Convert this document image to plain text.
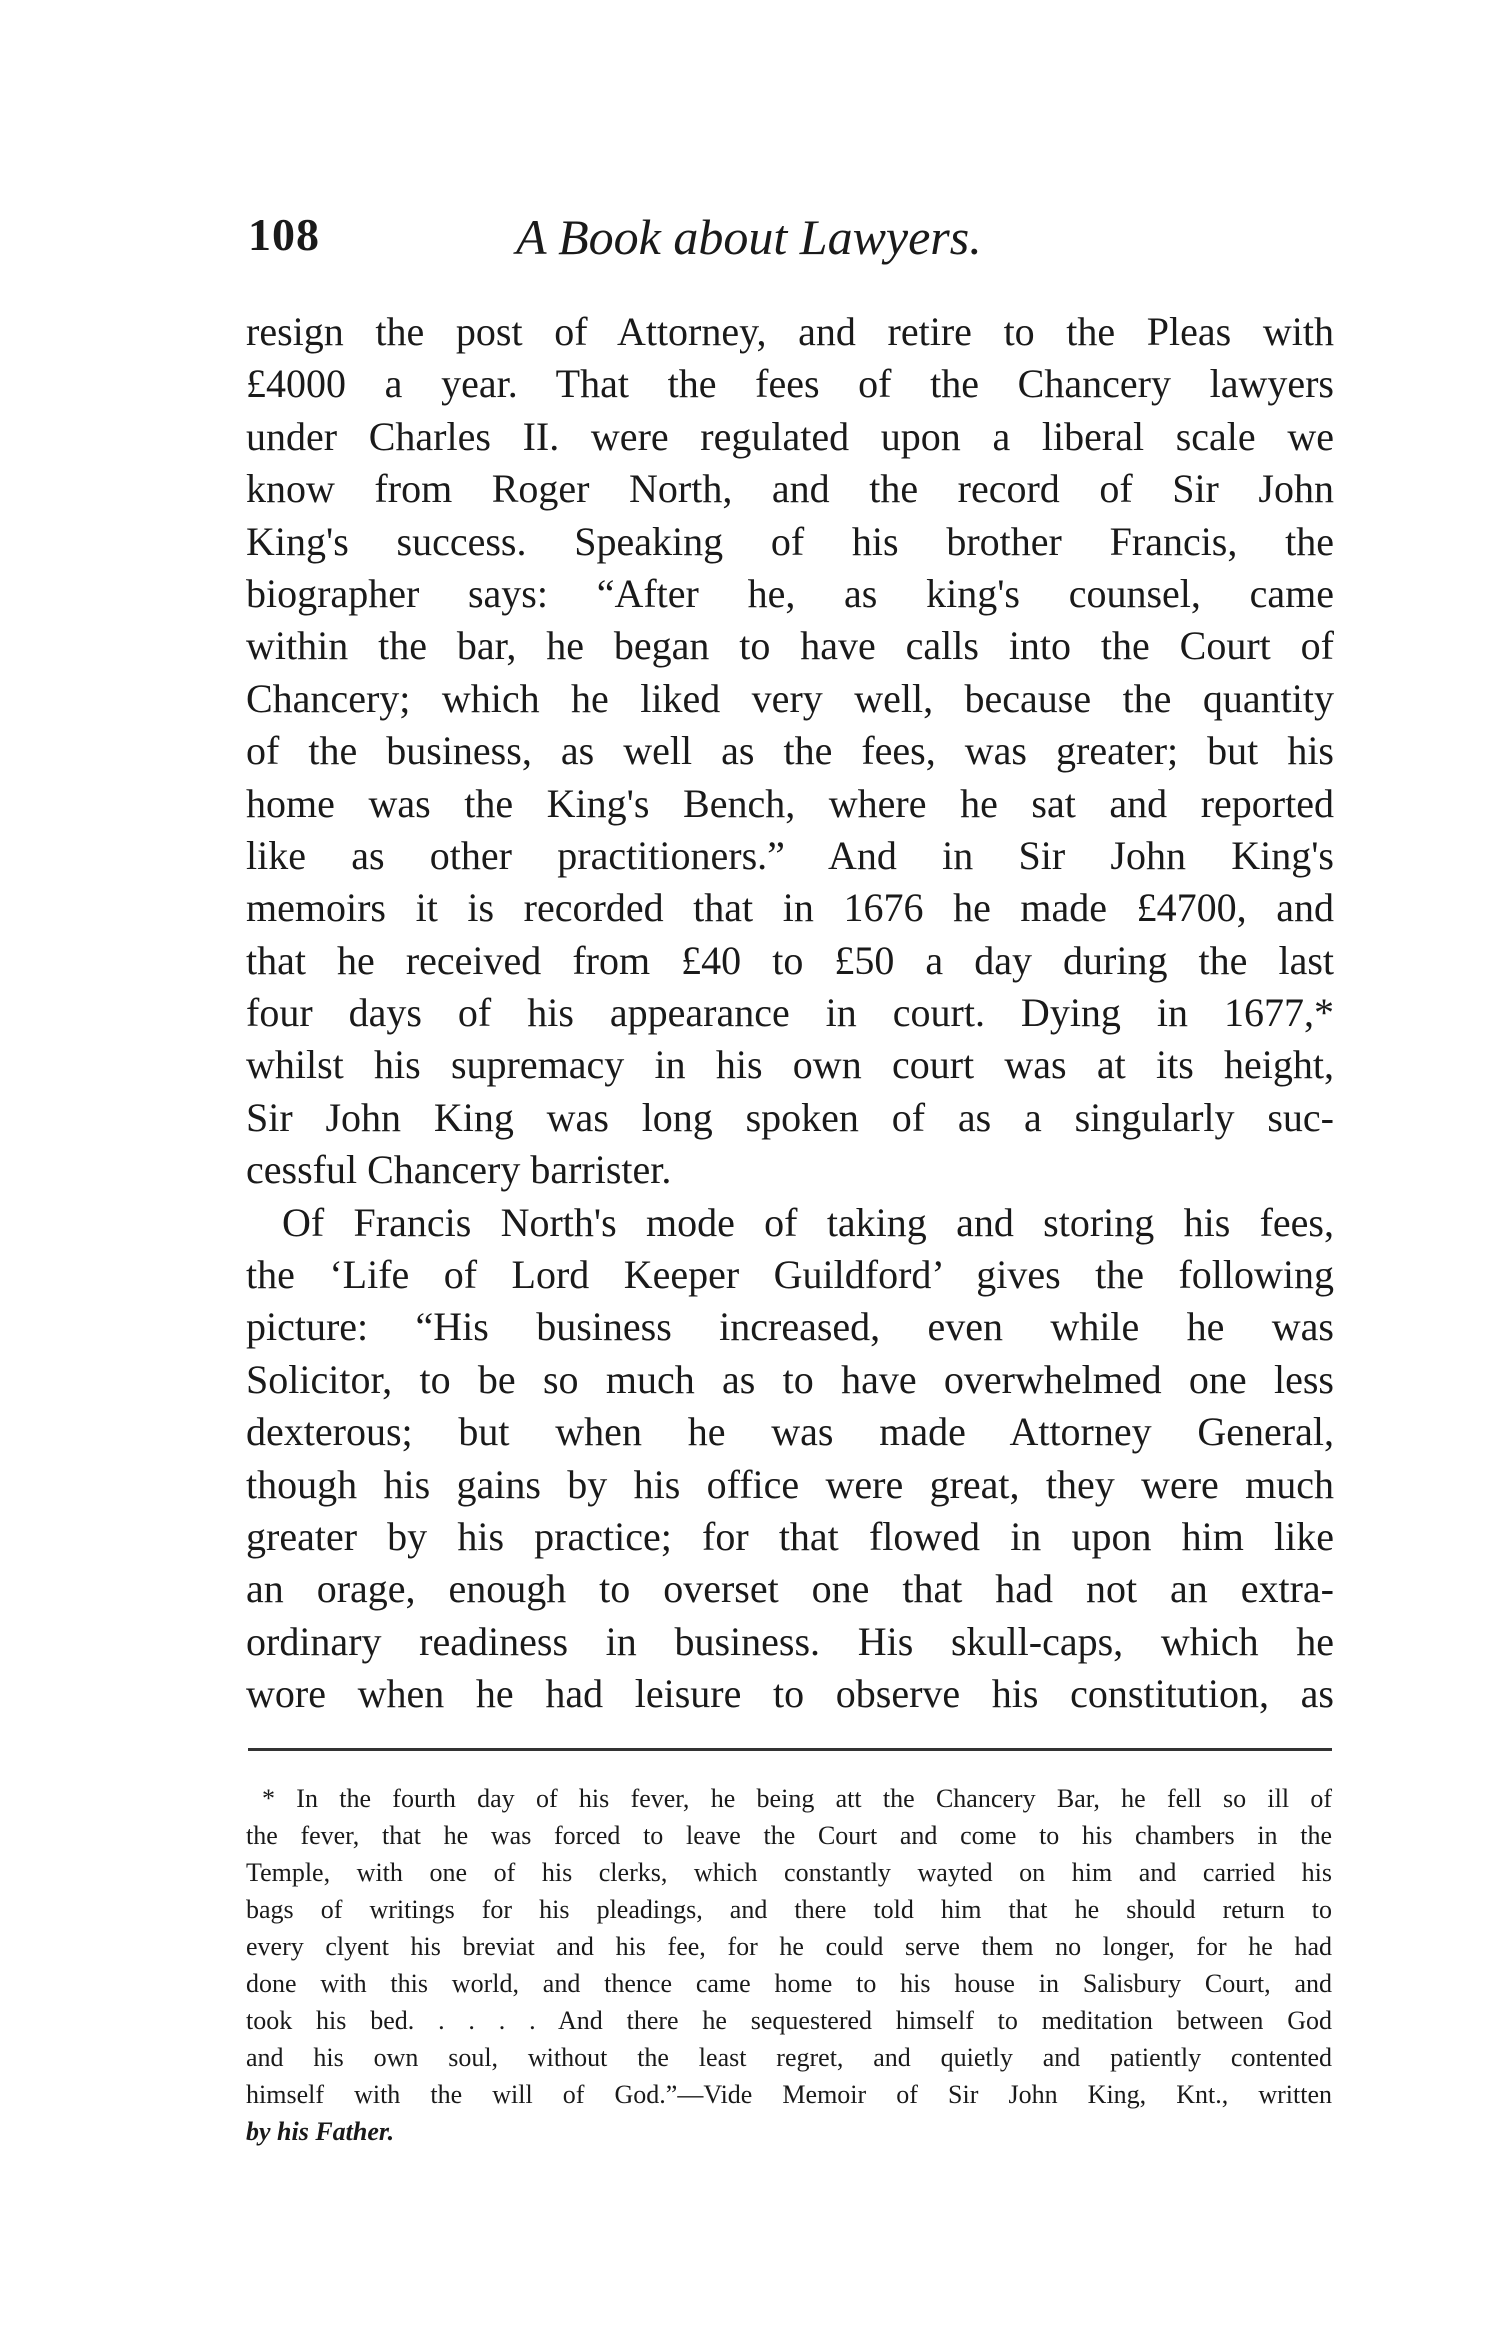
108	A Book about Lawyers.
resign the post of Attorney, and retire to the Pleas with
£4000 a year. That the fees of the Chancery lawyers
under Charles II. were regulated upon a liberal scale we
know from Roger North, and the record of Sir John
King's success. Speaking of his brother Francis, the
biographer says: “After he, as king's counsel, came
within the bar, he began to have calls into the Court of
Chancery; which he liked very well, because the quantity
of the business, as well as the fees, was greater; but his
home was the King's Bench, where he sat and reported
like as other practitioners.” And in Sir John King's
memoirs it is recorded that in 1676 he made £4700, and
that he received from £40 to £50 a day during the last
four days of his appearance in court. Dying in 1677,*
whilst his supremacy in his own court was at its height,
Sir John King was long spoken of as a singularly suc-
cessful Chancery barrister.
Of Francis North's mode of taking and storing his fees,
the ‘Life of Lord Keeper Guildford’ gives the following
picture: “His business increased, even while he was
Solicitor, to be so much as to have overwhelmed one less
dexterous; but when he was made Attorney General,
though his gains by his office were great, they were much
greater by his practice; for that flowed in upon him like
an orage, enough to overset one that had not an extra-
ordinary readiness in business. His skull-caps, which he
wore when he had leisure to observe his constitution, as
* In the fourth day of his fever, he being att the Chancery Bar, he fell so ill of
the fever, that he was forced to leave the Court and come to his chambers in the
Temple, with one of his clerks, which constantly wayted on him and carried his
bags of writings for his pleadings, and there told him that he should return to
every clyent his breviat and his fee, for he could serve them no longer, for he had
done with this world, and thence came home to his house in Salisbury Court, and
took his bed. . . . . And there he sequestered himself to meditation between God
and his own soul, without the least regret, and quietly and patiently contented
himself with the will of God.”—Vide Memoir of Sir John King, Knt., written
by his Father.
